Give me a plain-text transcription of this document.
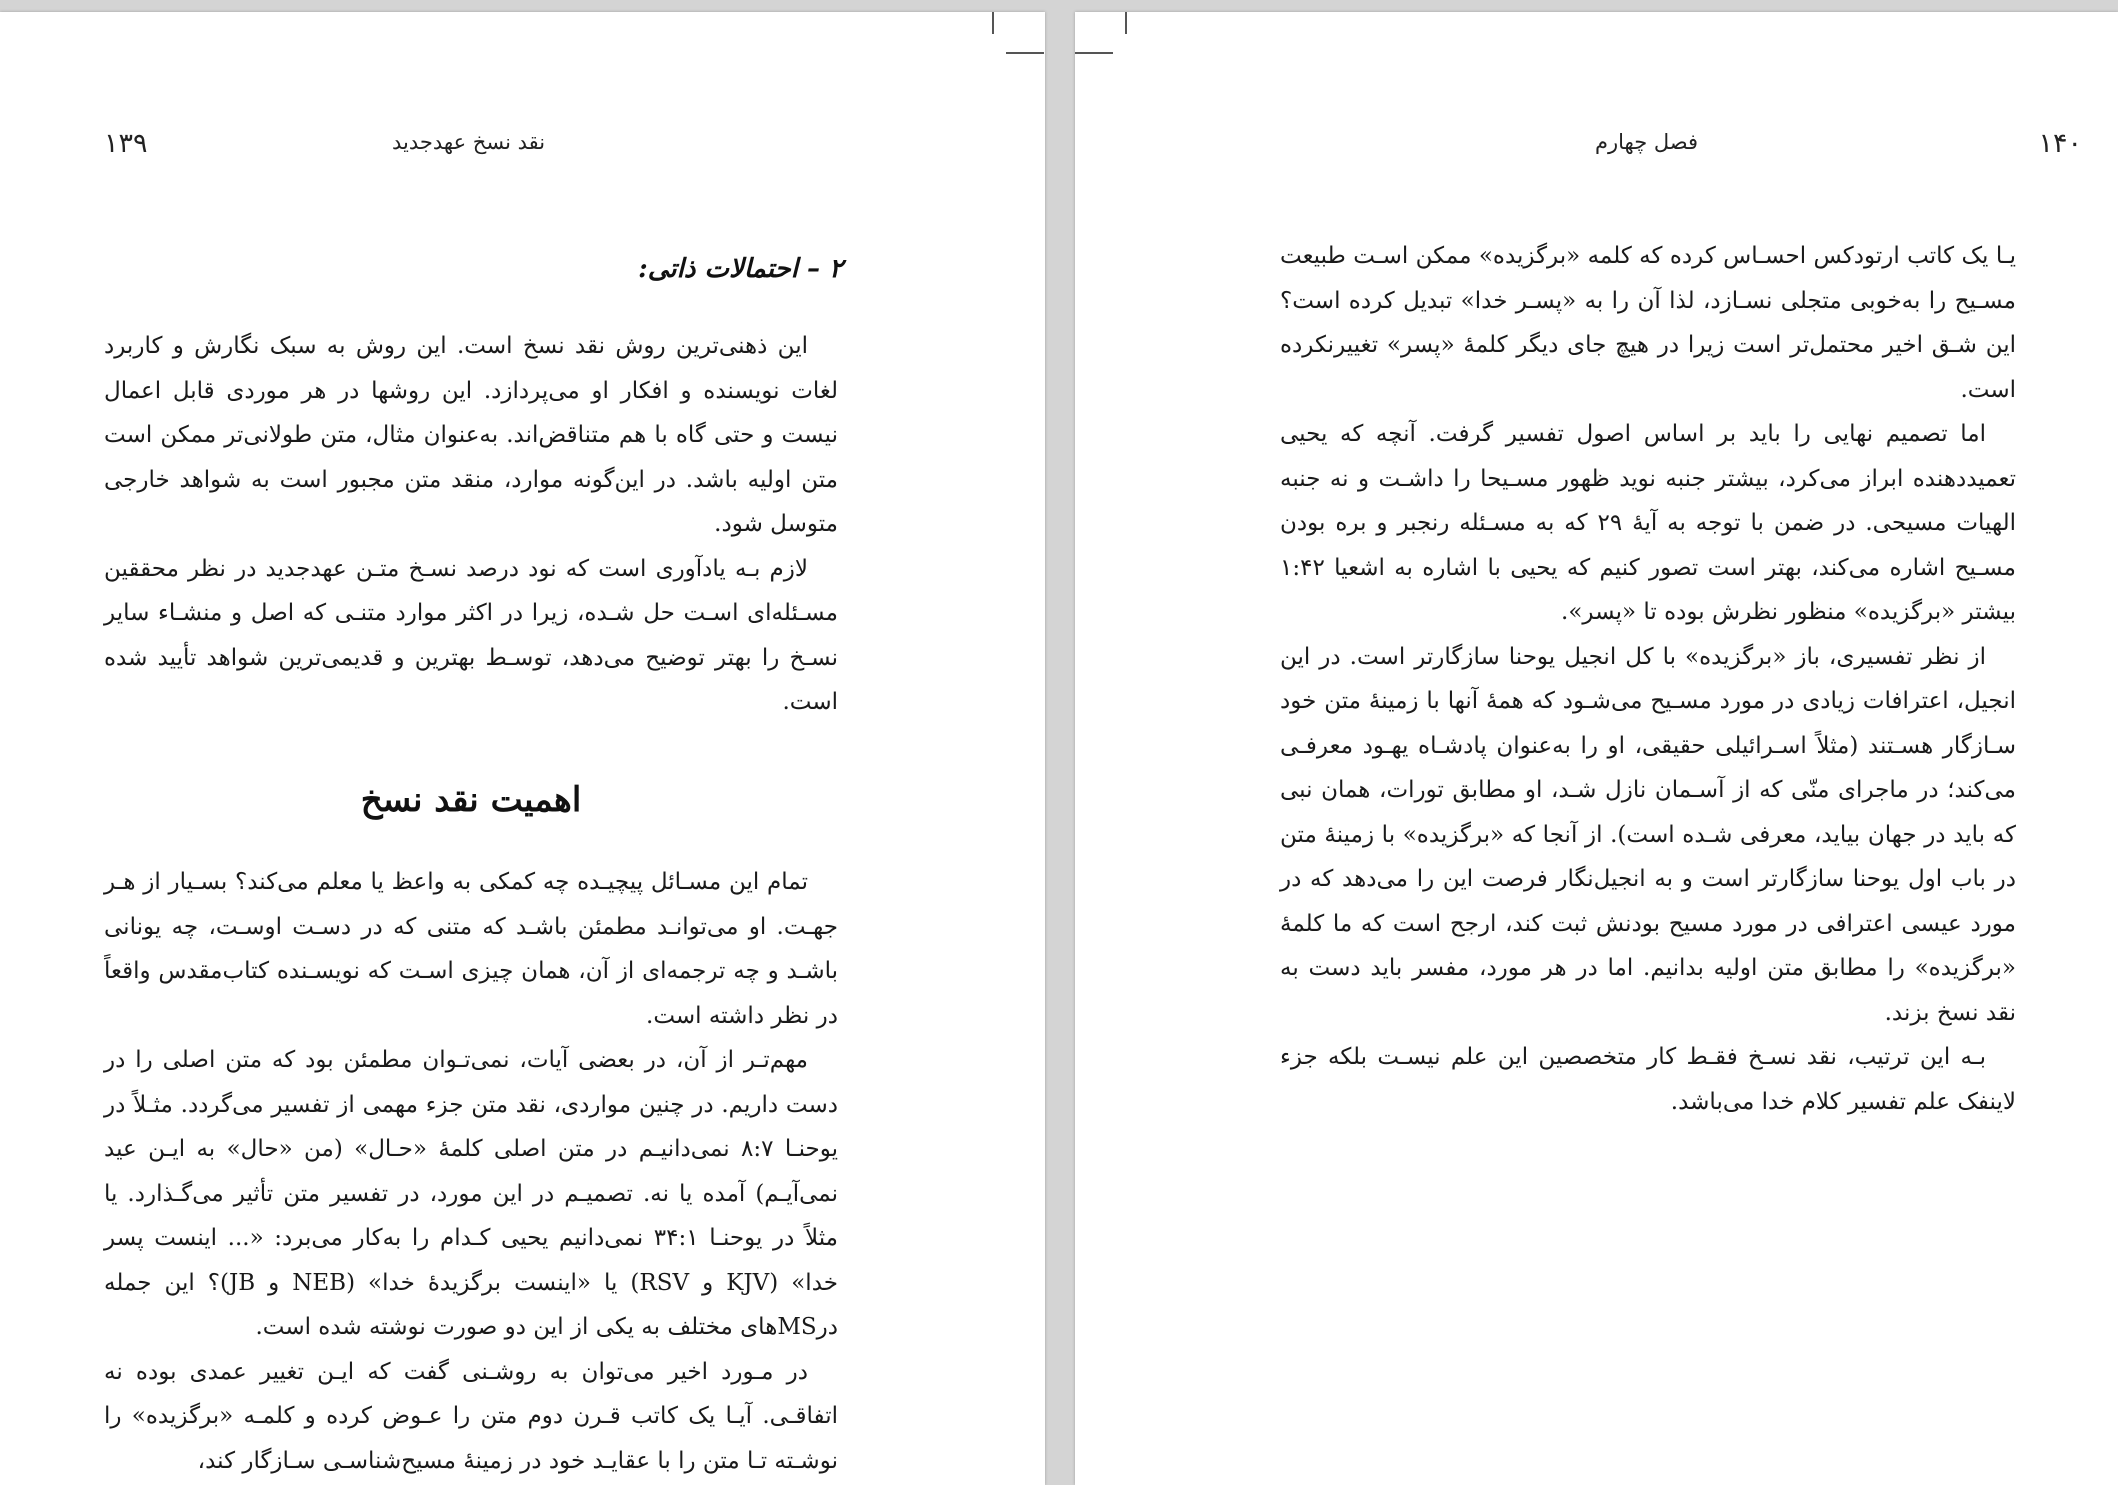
۱۳۹	نقد نسخ عهدجدید
۲ – احتمالات ذاتی:

این ذهنی‌ترین روش نقد نسخ است. این روش به سبک نگارش و کاربرد لغات نویسنده و افکار او می‌پردازد. این روشها در هر موردی قابل اعمال نیست و حتی گاه با هم متناقض‌اند. به‌عنوان مثال، متن طولانی‌تر ممکن است متن اولیه باشد. در این‌گونه موارد، منقد متن مجبور است به شواهد خارجی متوسل شود.

لازم بـه یادآوری است که نود درصد نسـخ متـن عهدجدید در نظر محققین مسـئله‌ای اسـت حل شـده، زیرا در اکثر موارد متنـی که اصل و منشـاء سایر نسـخ را بهتر توضیح می‌دهد، توسـط بهترین و قدیمی‌ترین شواهد تأیید شده است.

اهمیت نقد نسخ

تمام این مسـائل پیچیـده چه کمکی به واعظ یا معلم می‌کند؟ بسـیار از هـر جهـت. او می‌توانـد مطمئن باشـد که متنی که در دسـت اوسـت، چه یونانی باشـد و چه ترجمه‌ای از آن، همان چیزی اسـت که نویسـنده کتاب‌مقدس واقعاً در نظر داشته است.

مهم‌تـر از آن، در بعضی آیات، نمی‌تـوان مطمئن بود که متن اصلی را در دست داریم. در چنین مواردی، نقد متن جزء مهمی از تفسیر می‌گردد. مثـلاً در یوحنـا ۸:۷ نمی‌دانیـم در متن اصلی کلمهٔ «حـال» (من «حال» به ایـن عید نمی‌آیـم) آمده یا نه. تصمیـم در این مورد، در تفسیر متن تأثیر می‌گـذارد. یا مثلاً در یوحنـا ۳۴:۱ نمی‌دانیم یحیی کـدام را به‌کار می‌برد: «... اینست پسر خدا» (KJV و RSV) یا «اینست برگزیدهٔ خدا» (NEB و JB)؟ این جمله درMSهای مختلف به یکی از این دو صورت نوشته شده است.

در مـورد اخیر می‌توان به روشـنی گفت که ایـن تغییر عمدی بوده نه اتفاقـی. آیـا یک کاتب قـرن دوم متن را عـوض کرده و کلمـه «برگزیده» را نوشـته تـا متن را با عقایـد خود در زمینهٔ مسیح‌شناسـی سـازگار کند،

۱۴۰
فصل چهارم

یـا یک کاتب ارتودکس احسـاس کرده که کلمه «برگزیده» ممکن اسـت طبیعت مسـیح را به‌خوبی متجلی نسـازد، لذا آن را به «پسـر خدا» تبدیل کرده است؟ این شـق اخیر محتمل‌تر است زیرا در هیچ جای دیگر کلمهٔ «پسر» تغییرنکرده است.

اما تصمیم نهایی را باید بر اساس اصول تفسیر گرفت. آنچه که یحیی تعمیددهنده ابراز می‌کرد، بیشتر جنبه نوید ظهور مسـیحا را داشـت و نه جنبه الهیات مسیحی. در ضمن با توجه به آیهٔ ۲۹ که به مسـئله رنجبر و بره بودن مسـیح اشاره می‌کند، بهتر است تصور کنیم که یحیی با اشاره به اشعیا ۱:۴۲ بیشتر «برگزیده» منظور نظرش بوده تا «پسر».

از نظر تفسیری، باز «برگزیده» با کل انجیل یوحنا سازگارتر است. در این انجیل، اعترافات زیادی در مورد مسـیح می‌شـود که همهٔ آنها با زمینهٔ متن خود سـازگار هسـتند (مثلاً اسـرائیلی حقیقی، او را به‌عنوان پادشـاه یهـود معرفـی می‌کند؛ در ماجرای منّی که از آسـمان نازل شـد، او مطابق تورات، همان نبی که باید در جهان بیاید، معرفی شـده است). از آنجا که «برگزیده» با زمینهٔ متن در باب اول یوحنا سازگارتر است و به انجیل‌نگار فرصت این را می‌دهد که در مورد عیسی اعترافی در مورد مسیح بودنش ثبت کند، ارجح است که ما کلمهٔ «برگزیده» را مطابق متن اولیه بدانیم. اما در هر مورد، مفسر باید دست به نقد نسخ بزند.

بـه این ترتیب، نقد نسـخ فقـط کار متخصصین این علم نیسـت بلکه جزء لاینفک علم تفسیر کلام خدا می‌باشد.
